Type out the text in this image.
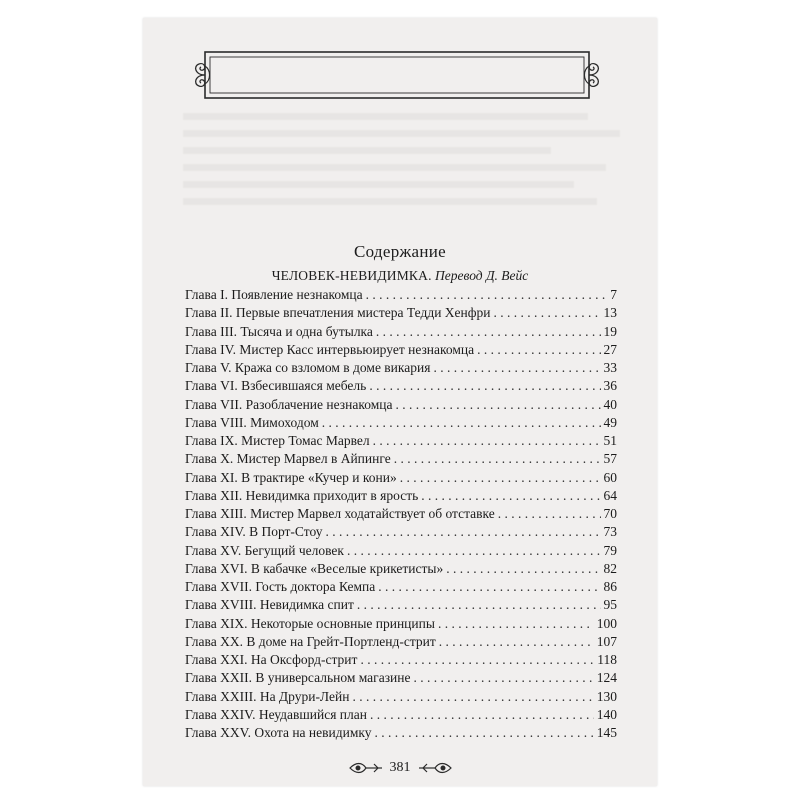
Содержание
ЧЕЛОВЕК-НЕВИДИМКА. Перевод Д. Вейс
Глава I. Появление незнакомца . . .	7
Глава II. Первые впечатления мистера Тедди Хенфри . . .	13
Глава III. Тысяча и одна бутылка . . .	19
Глава IV. Мистер Касс интервьюирует незнакомца . . .	27
Глава V. Кража со взломом в доме викария . . .	33
Глава VI. Взбесившаяся мебель . . .	36
Глава VII. Разоблачение незнакомца . . .	40
Глава VIII. Мимоходом . . .	49
Глава IX. Мистер Томас Марвел . . .	51
Глава X. Мистер Марвел в Айпинге . . .	57
Глава XI. В трактире «Кучер и кони» . . .	60
Глава XII. Невидимка приходит в ярость . . .	64
Глава XIII. Мистер Марвел ходатайствует об отставке . . .	70
Глава XIV. В Порт-Стоу . . .	73
Глава XV. Бегущий человек . . .	79
Глава XVI. В кабачке «Веселые крикетисты» . . .	82
Глава XVII. Гость доктора Кемпа . . .	86
Глава XVIII. Невидимка спит . . .	95
Глава XIX. Некоторые основные принципы . . .	100
Глава XX. В доме на Грейт-Портленд-стрит . . .	107
Глава XXI. На Оксфорд-стрит . . .	118
Глава XXII. В универсальном магазине . . .	124
Глава XXIII. На Друри-Лейн . . .	130
Глава XXIV. Неудавшийся план . . .	140
Глава XXV. Охота на невидимку . . .	145
381
